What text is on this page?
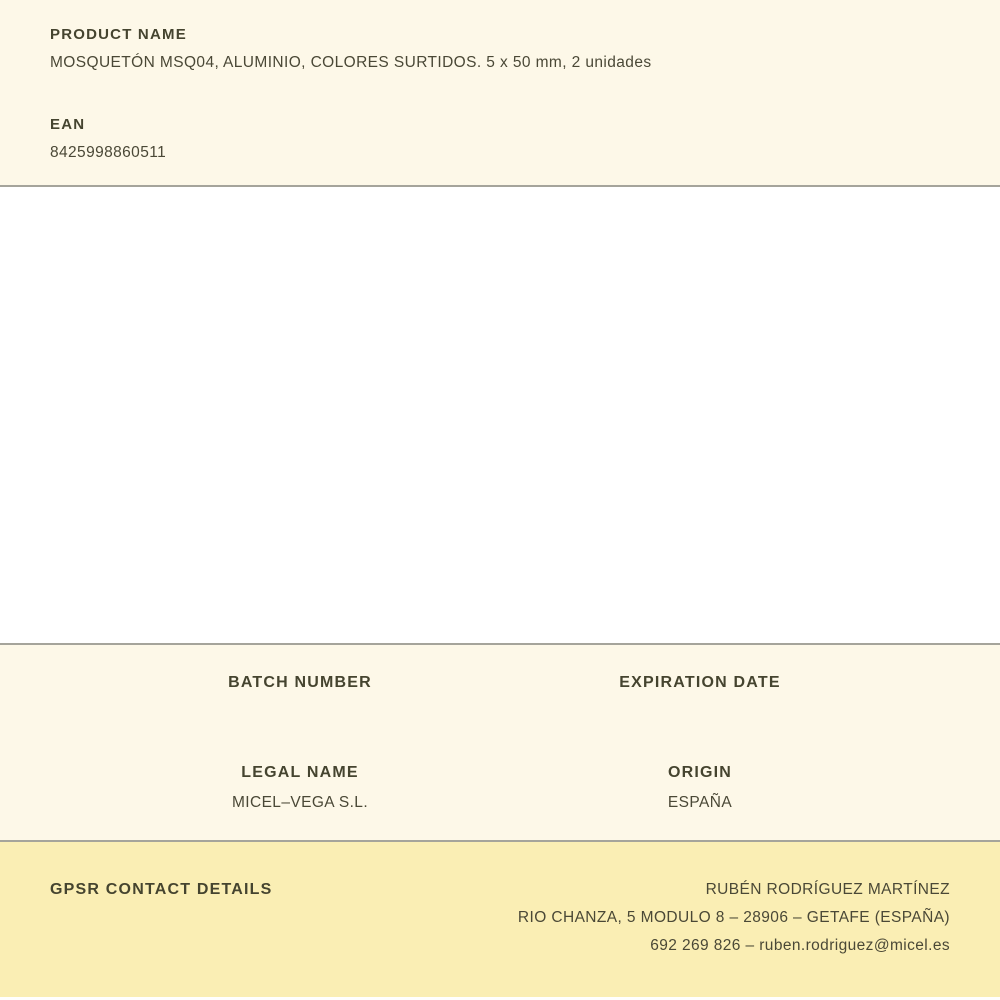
PRODUCT NAME
MOSQUETÓN MSQ04, ALUMINIO, COLORES SURTIDOS. 5 x 50 mm, 2 unidades
EAN
8425998860511
BATCH NUMBER	EXPIRATION DATE
LEGAL NAME
MICEL–VEGA S.L.
ORIGIN
ESPAÑA
GPSR CONTACT DETAILS	RUBÉN RODRÍGUEZ MARTÍNEZ
RIO CHANZA, 5 MODULO 8 – 28906 – GETAFE (ESPAÑA)
692 269 826 – ruben.rodriguez@micel.es
